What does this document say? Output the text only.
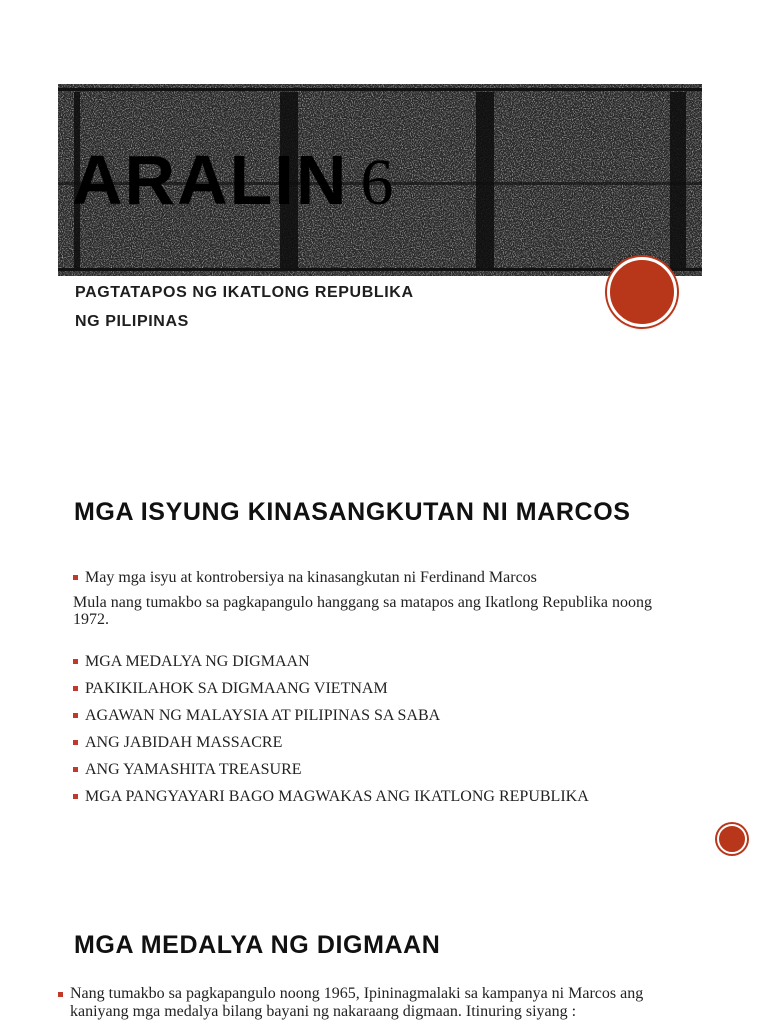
ARALIN 6
PAGTATAPOS NG IKATLONG REPUBLIKA
NG PILIPINAS
MGA ISYUNG KINASANGKUTAN NI MARCOS
May mga isyu at kontrobersiya na kinasangkutan ni Ferdinand Marcos
Mula nang tumakbo sa pagkapangulo hanggang sa matapos ang Ikatlong Republika noong 1972.
MGA MEDALYA NG DIGMAAN
PAKIKILAHOK SA DIGMAANG VIETNAM
AGAWAN NG MALAYSIA AT PILIPINAS SA SABA
ANG JABIDAH MASSACRE
ANG YAMASHITA TREASURE
MGA PANGYAYARI BAGO MAGWAKAS ANG IKATLONG REPUBLIKA
MGA MEDALYA NG DIGMAAN
Nang tumakbo sa pagkapangulo noong 1965, Ipininagmalaki sa kampanya ni Marcos ang kaniyang mga medalya bilang bayani ng nakaraang digmaan. Itinuring siyang :
